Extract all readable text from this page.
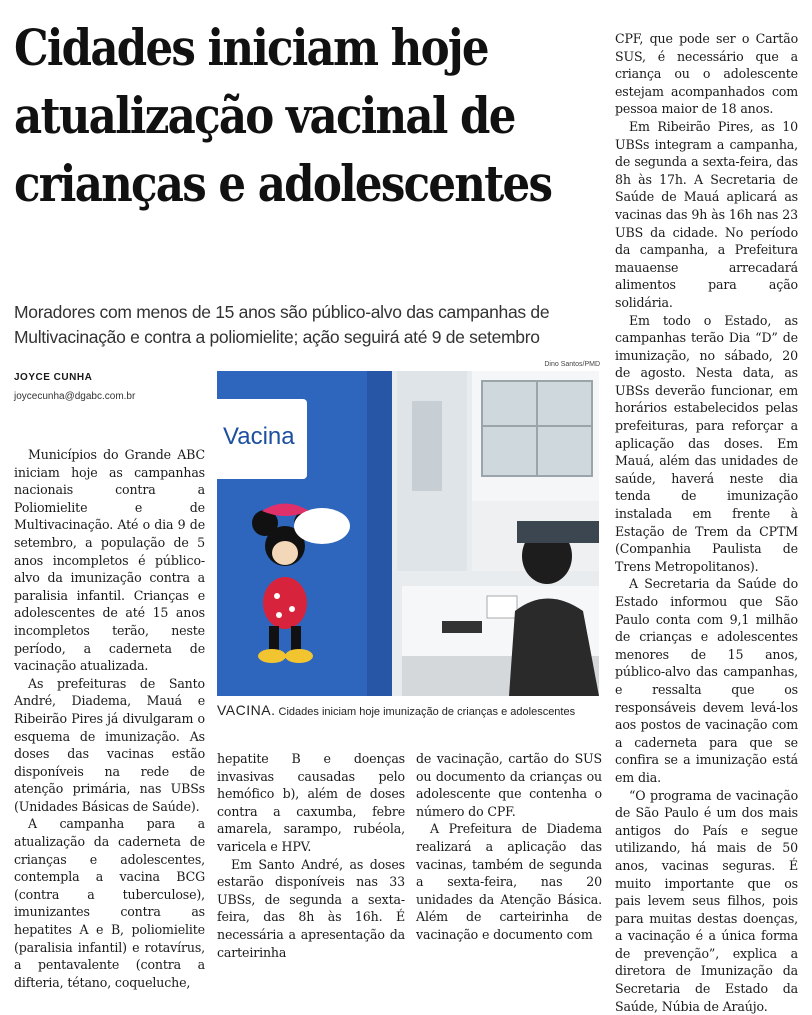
Cidades iniciam hoje
atualização vacinal de
crianças e adolescentes

Moradores com menos de 15 anos são público-alvo das campanhas de Multivacinação e contra a poliomielite; ação seguirá até 9 de setembro

JOYCE CUNHA
joycecunha@dgabc.com.br
Dino Santos/PMD

Municípios do Grande ABC iniciam hoje as campanhas nacionais contra a Poliomielite e de Multivacinação. Até o dia 9 de setembro, a população de 5 anos incompletos é público-alvo da imunização contra a paralisia infantil. Crianças e adolescentes de até 15 anos incompletos terão, neste período, a caderneta de vacinação atualizada.

As prefeituras de Santo André, Diadema, Mauá e Ribeirão Pires já divulgaram o esquema de imunização. As doses das vacinas estão disponíveis na rede de atenção primária, nas UBSs (Unidades Básicas de Saúde).

A campanha para a atualização da caderneta de crianças e adolescentes, contempla a vacina BCG (contra a tuberculose), imunizantes contra as hepatites A e B, poliomielite (paralisia infantil) e rotavírus, a pentavalente (contra a difteria, tétano, coqueluche,

Vacina
VACINA. Cidades iniciam hoje imunização de crianças e adolescentes

hepatite B e doenças invasivas causadas pelo hemófico b), além de doses contra a caxumba, febre amarela, sarampo, rubéola, varicela e HPV.

Em Santo André, as doses estarão disponíveis nas 33 UBSs, de segunda a sexta-feira, das 8h às 16h. É necessária a apresentação da carteirinha

de vacinação, cartão do SUS ou documento da crianças ou adolescente que contenha o número do CPF.

A Prefeitura de Diadema realizará a aplicação das vacinas, também de segunda a sexta-feira, nas 20 unidades da Atenção Básica. Além de carteirinha de vacinação e documento com

CPF, que pode ser o Cartão SUS, é necessário que a criança ou o adolescente estejam acompanhados com pessoa maior de 18 anos.

Em Ribeirão Pires, as 10 UBSs integram a campanha, de segunda a sexta-feira, das 8h às 17h. A Secretaria de Saúde de Mauá aplicará as vacinas das 9h às 16h nas 23 UBS da cidade. No período da campanha, a Prefeitura mauaense arrecadará alimentos para ação solidária.

Em todo o Estado, as campanhas terão Dia “D” de imunização, no sábado, 20 de agosto. Nesta data, as UBSs deverão funcionar, em horários estabelecidos pelas prefeituras, para reforçar a aplicação das doses. Em Mauá, além das unidades de saúde, haverá neste dia tenda de imunização instalada em frente à Estação de Trem da CPTM (Companhia Paulista de Trens Metropolitanos).

A Secretaria da Saúde do Estado informou que São Paulo conta com 9,1 milhão de crianças e adolescentes menores de 15 anos, público-alvo das campanhas, e ressalta que os responsáveis devem levá-los aos postos de vacinação com a caderneta para que se confira se a imunização está em dia.

“O programa de vacinação de São Paulo é um dos mais antigos do País e segue utilizando, há mais de 50 anos, vacinas seguras. É muito importante que os pais levem seus filhos, pois para muitas destas doenças, a vacinação é a única forma de prevenção”, explica a diretora de Imunização da Secretaria de Estado da Saúde, Núbia de Araújo.
